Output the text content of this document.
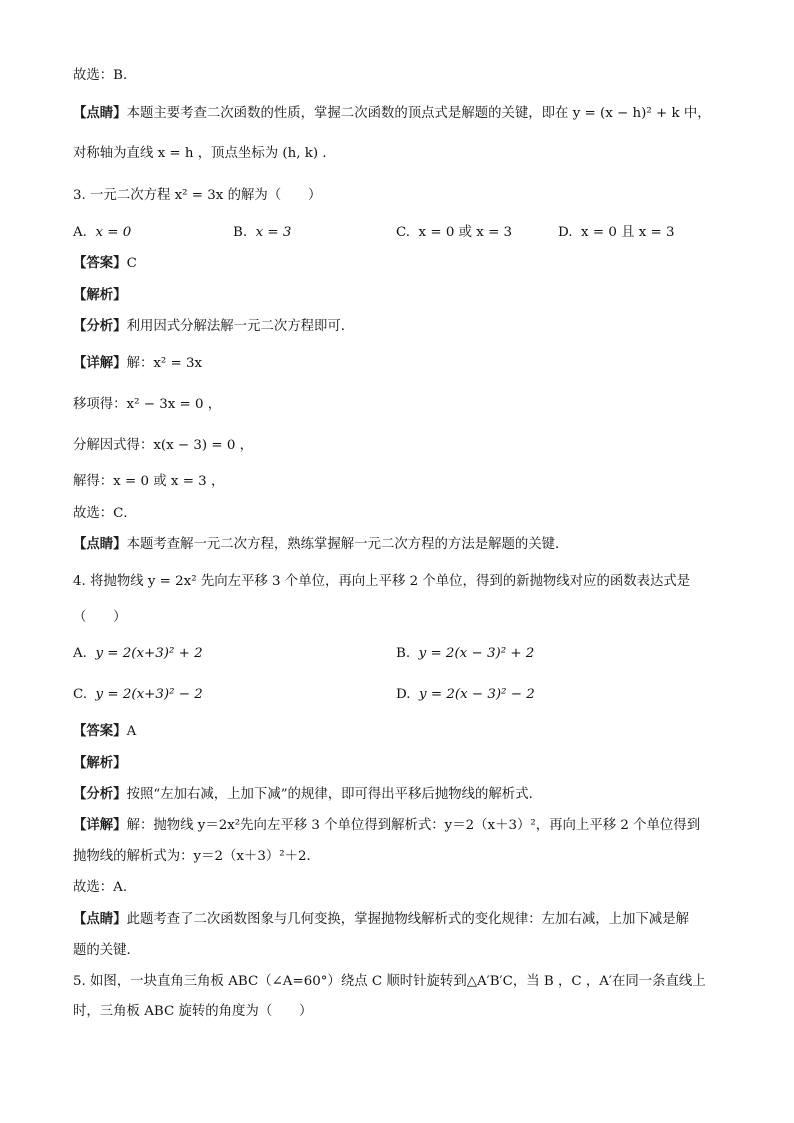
故选：B．
【点睛】本题主要考查二次函数的性质，掌握二次函数的顶点式是解题的关键，即在 y = (x − h)² + k 中，
对称轴为直线 x = h ，顶点坐标为 (h, k) ．
3. 一元二次方程 x² = 3x 的解为（　　）
A. x = 0	B. x = 3	C. x = 0 或 x = 3	D. x = 0 且 x = 3
【答案】C
【解析】
【分析】利用因式分解法解一元二次方程即可．
【详解】解：x² = 3x
移项得：x² − 3x = 0 ，
分解因式得：x(x − 3) = 0 ，
解得：x = 0 或 x = 3 ，
故选：C．
【点睛】本题考查解一元二次方程，熟练掌握解一元二次方程的方法是解题的关键．
4. 将抛物线 y = 2x² 先向左平移 3 个单位，再向上平移 2 个单位，得到的新抛物线对应的函数表达式是
（　　）
A. y = 2(x+3)² + 2	B. y = 2(x − 3)² + 2
C. y = 2(x+3)² − 2	D. y = 2(x − 3)² − 2
【答案】A
【解析】
【分析】按照“左加右减，上加下减”的规律，即可得出平移后抛物线的解析式．
【详解】解：抛物线 y＝2x²先向左平移 3 个单位得到解析式：y＝2（x＋3）²，再向上平移 2 个单位得到
抛物线的解析式为：y＝2（x＋3）²＋2．
故选：A．
【点睛】此题考查了二次函数图象与几何变换，掌握抛物线解析式的变化规律：左加右减，上加下减是解
题的关键．
5. 如图，一块直角三角板 ABC（∠A=60°）绕点 C 顺时针旋转到△A′B′C，当 B ，C ，A′在同一条直线上
时，三角板 ABC 旋转的角度为（　　）
